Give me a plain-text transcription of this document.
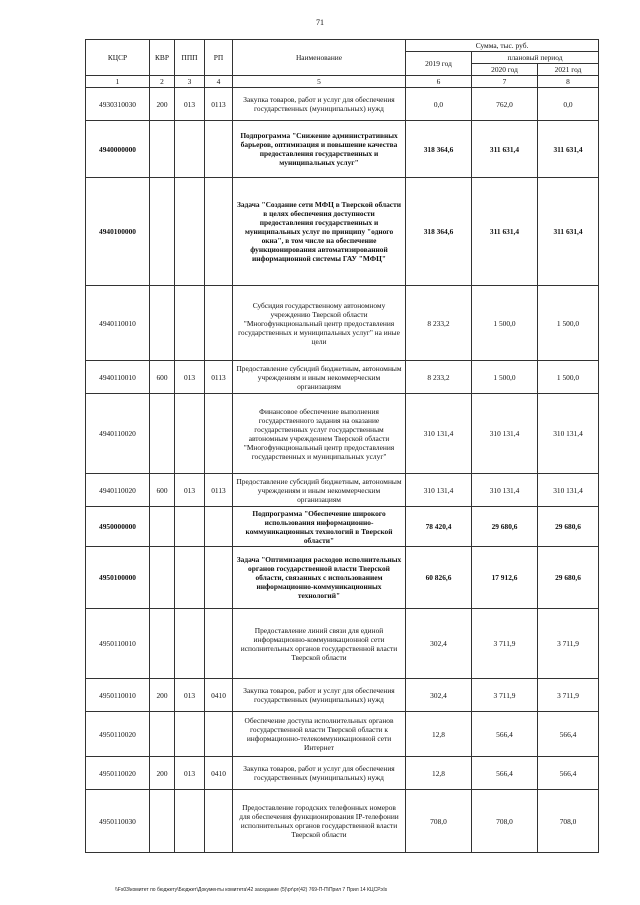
71
КЦСР	КВР	ППП	РП	Наименование	Сумма, тыс. руб.		
					2019 год	плановый период	
						2020 год	2021 год
1	2	3	4	5	6	7	8
4930310030	200	013	0113	Закупка товаров, работ и услуг для обеспечения государственных (муниципальных) нужд	0,0	762,0	0,0
4940000000				Подпрограмма "Снижение административных барьеров, оптимизация и повышение качества предоставления государственных и муниципальных услуг"	318 364,6	311 631,4	311 631,4
4940100000				Задача "Создание сети МФЦ в Тверской области в целях обеспечения доступности предоставления государственных и муниципальных услуг по принципу "одного окна", в том числе на обеспечение функционирования автоматизированной информационной системы ГАУ "МФЦ"	318 364,6	311 631,4	311 631,4
4940110010				Субсидия государственному автономному учреждению Тверской области "Многофункциональный центр предоставления государственных и муниципальных услуг" на иные цели	8 233,2	1 500,0	1 500,0
4940110010	600	013	0113	Предоставление субсидий бюджетным, автономным учреждениям и иным некоммерческим организациям	8 233,2	1 500,0	1 500,0
4940110020				Финансовое обеспечение выполнения государственного задания на оказание государственных услуг государственным автономным учреждением Тверской области "Многофункциональный центр предоставления государственных и муниципальных услуг"	310 131,4	310 131,4	310 131,4
4940110020	600	013	0113	Предоставление субсидий бюджетным, автономным учреждениям и иным некоммерческим организациям	310 131,4	310 131,4	310 131,4
4950000000				Подпрограмма "Обеспечение широкого использования информационно-коммуникационных технологий в Тверской области"	78 420,4	29 680,6	29 680,6
4950100000				Задача "Оптимизация расходов исполнительных органов государственной власти Тверской области, связанных с использованием информационно-коммуникационных технологий"	60 826,6	17 912,6	29 680,6
4950110010				Предоставление линий связи для единой информационно-коммуникационной сети исполнительных органов государственной власти Тверской области	302,4	3 711,9	3 711,9
4950110010	200	013	0410	Закупка товаров, работ и услуг для обеспечения государственных (муниципальных) нужд	302,4	3 711,9	3 711,9
4950110020				Обеспечение доступа исполнительных органов государственной власти Тверской области к информационно-телекоммуникационной сети Интернет	12,8	566,4	566,4
4950110020	200	013	0410	Закупка товаров, работ и услуг для обеспечения государственных (муниципальных) нужд	12,8	566,4	566,4
4950110030				Предоставление городских телефонных номеров для обеспечения функционирования IP-телефонии исполнительных органов государственной власти Тверской области	708,0	708,0	708,0
\\Fs03\комитет по бюджету\Бюджет\Документы комитета\42 заседание (5)\рг\рг(42) 769-П-П\Прил 7 Прил 14 КЦСР.xls
